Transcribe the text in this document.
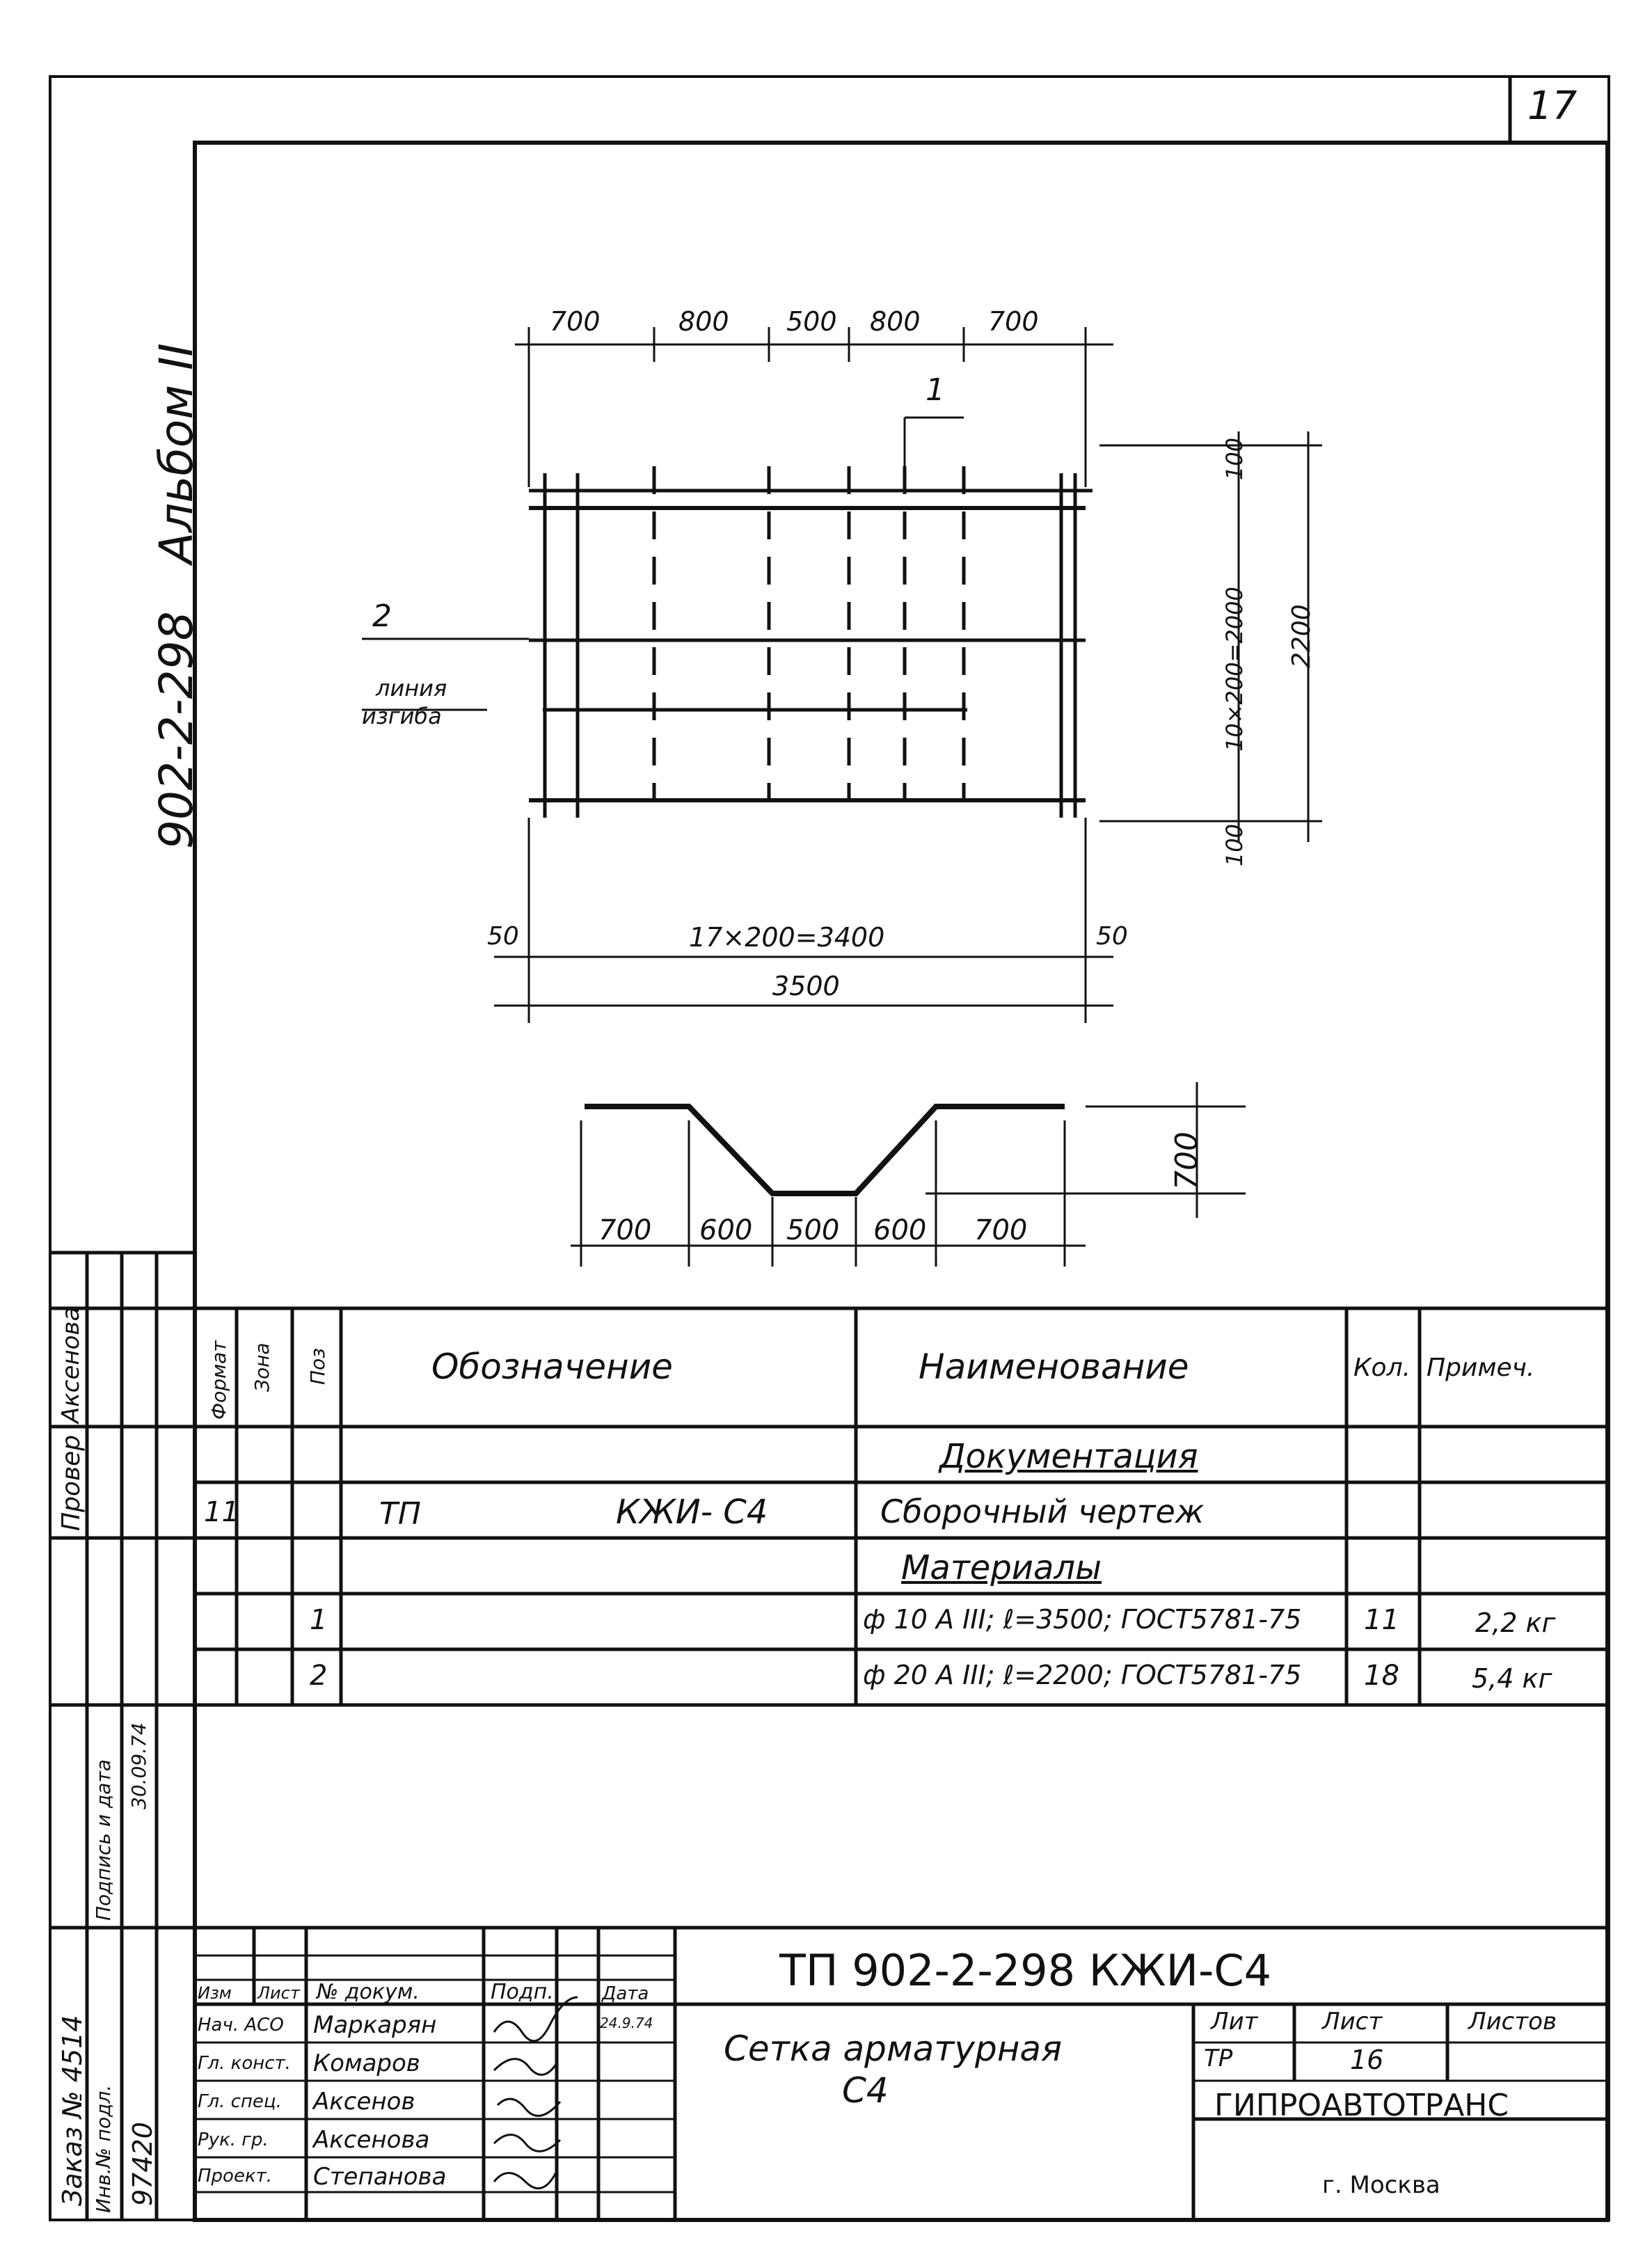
17
902-2-298
Альбом II
700	800 500 800	700
1
2
линия
изгиба
100
10×200=2000
100
2200
50	17×200=3400	50
3500
700 600 500 600 700
700
Формат Зона Поз	Обозначение	Наименование	Кол. Примеч.
Документация
11	ТП	КЖИ- С4	Сборочный чертеж
Материалы
1	ф 10 А III; ℓ=3500; ГОСТ5781-75 11	2,2 кг
2	ф 20 А III; ℓ=2200; ГОСТ5781-75 18	5,4 кг
ТП 902-2-298 КЖИ-С4
Сетка арматурная
С4
Изм Лист № докум.	Подп.	Дата
Нач. АСО Маркарян	24.9.74
Гл. конст. Комаров
Гл. спец. Аксенов
Рук. гр. Аксенова
Проект. Степанова
Лит	Лист	Листов
ТР	16
ГИПРОАВТОТРАНС
г. Москва
Провер
Аксенова
Заказ № 4514 Инв.№ подл. 97420
Подпись и дата 30.09.74
